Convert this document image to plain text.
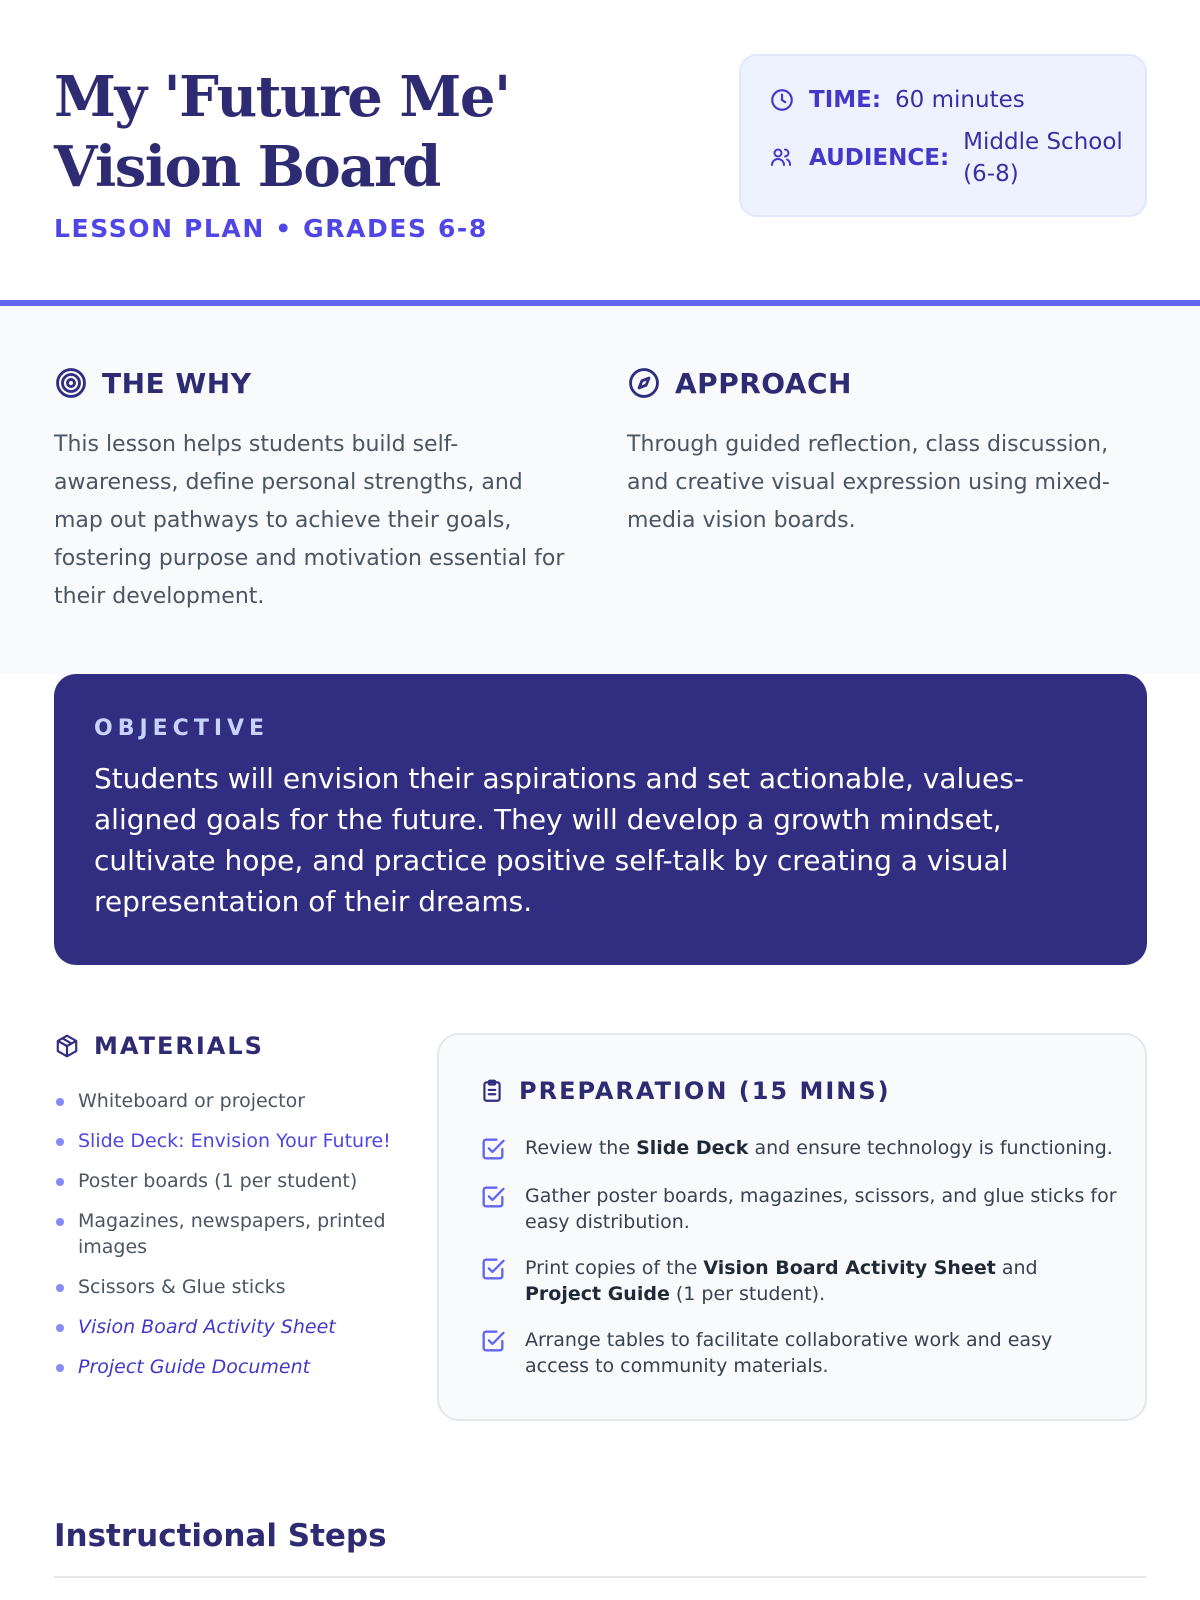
My 'Future Me' Vision Board
LESSON PLAN • GRADES 6-8
TIME: 60 minutes
AUDIENCE:
Middle School (6-8)
THE WHY

This lesson helps students build self-awareness, define personal strengths, and map out pathways to achieve their goals, fostering purpose and motivation essential for their development.

APPROACH

Through guided reflection, class discussion, and creative visual expression using mixed-media vision boards.

OBJECTIVE

Students will envision their aspirations and set actionable, values-aligned goals for the future. They will develop a growth mindset, cultivate hope, and practice positive self-talk by creating a visual representation of their dreams.

MATERIALS
Whiteboard or projector
Slide Deck: Envision Your Future!
Poster boards (1 per student)
Magazines, newspapers, printed images
Scissors & Glue sticks
Vision Board Activity Sheet
Project Guide Document
PREPARATION (15 MINS)
Review the Slide Deck and ensure technology is functioning.
Gather poster boards, magazines, scissors, and glue sticks for easy distribution.
Print copies of the Vision Board Activity Sheet and Project Guide (1 per student).
Arrange tables to facilitate collaborative work and easy access to community materials.
Instructional Steps
